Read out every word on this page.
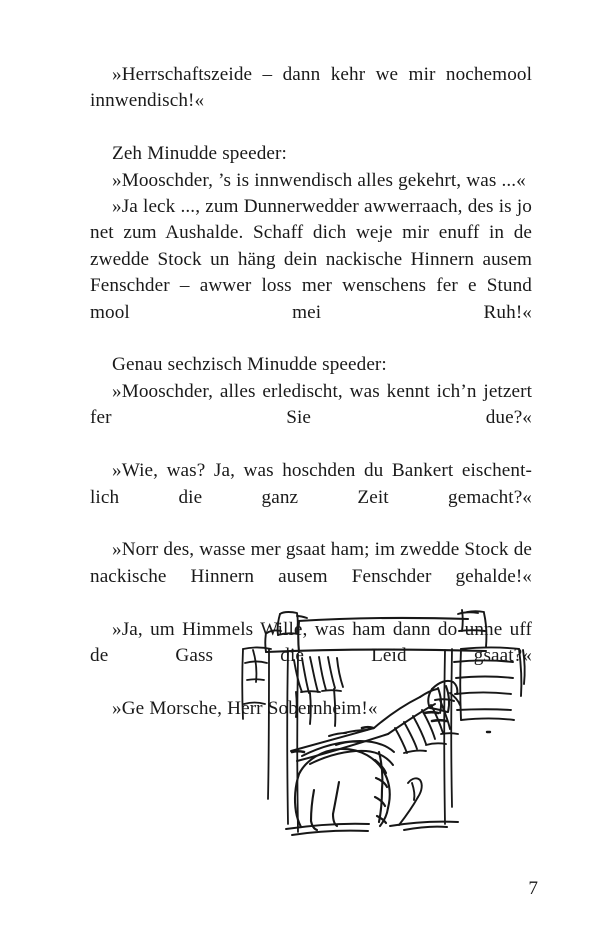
»Herrschaftszeide – dann kehr we mir nochemool innwendisch!«

Zeh Minudde speeder:

»Mooschder, ’s is innwendisch alles gekehrt, was ...«

»Ja leck ..., zum Dunnerwedder awwerraach, des is jo net zum Aushalde. Schaff dich weje mir enuff in de zwedde Stock un häng dein nackische Hinnern ausem Fenschder – awwer loss mer wenschens fer e Stund mool mei Ruh!«

Genau sechzisch Minudde speeder:

»Mooschder, alles erledischt, was kennt ich’n jetzert fer Sie due?«

»Wie, was? Ja, was hoschden du Bankert eischent-lich die ganz Zeit gemacht?«

»Norr des, wasse mer gsaat ham; im zwedde Stock de nackische Hinnern ausem Fenschder gehalde!«

»Ja, um Himmels Wille, was ham dann do unne uff de Gass die Leid gsaat?«

»Ge Morsche, Herr Sobernheim!«

7
